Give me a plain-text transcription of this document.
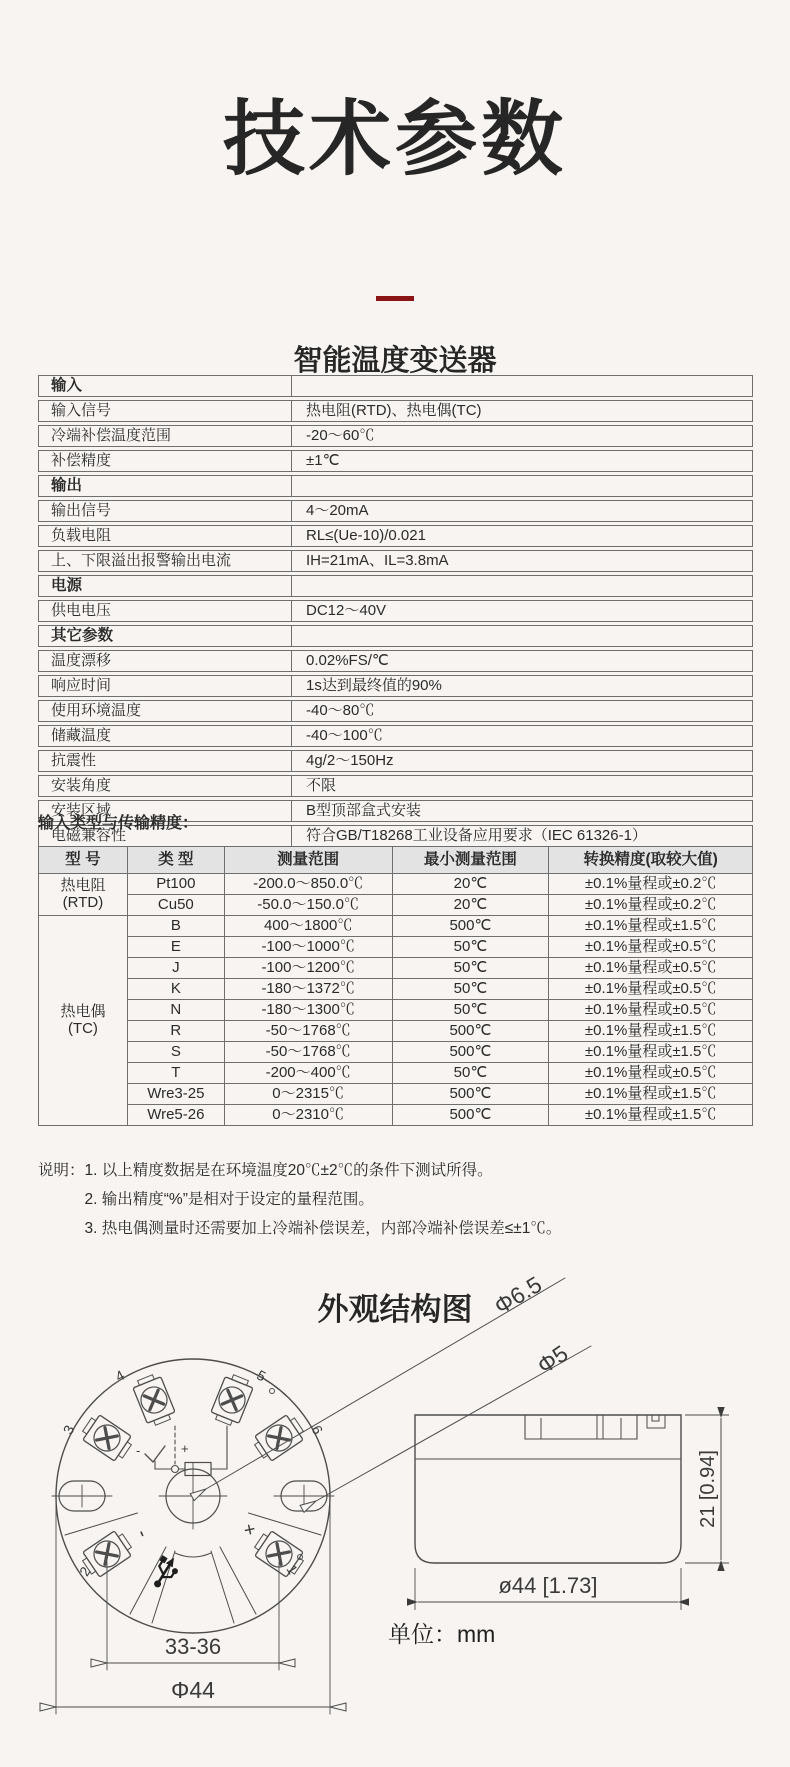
技术参数
智能温度变送器
输入	
输入信号	热电阻(RTD)、热电偶(TC)
冷端补偿温度范围	-20～60℃
补偿精度	±1℃
输出	
输出信号	4～20mA
负载电阻	RL≤(Ue-10)/0.021
上、下限溢出报警输出电流	IH=21mA、IL=3.8mA
电源	
供电电压	DC12～40V
其它参数	
温度漂移	0.02%FS/℃
响应时间	1s达到最终值的90%
使用环境温度	-40～80℃
储藏温度	-40～100℃
抗震性	4g/2～150Hz
安装角度	不限
安装区域	B型顶部盒式安装
电磁兼容性	符合GB/T18268工业设备应用要求（IEC 61326-1）
输入类型与传输精度：
型 号	类 型	测量范围	最小测量范围	转换精度(取较大值)

热电阻
(RTD)	Pt100	-200.0～850.0℃	20℃	±0.1%量程或±0.2℃
	Cu50	-50.0～150.0℃	20℃	±0.1%量程或±0.2℃

热电偶
(TC)	B	400～1800℃	500℃	±0.1%量程或±1.5℃
	E	-100～1000℃	50℃	±0.1%量程或±0.5℃
	J	-100～1200℃	50℃	±0.1%量程或±0.5℃
	K	-180～1372℃	50℃	±0.1%量程或±0.5℃
	N	-180～1300℃	50℃	±0.1%量程或±0.5℃
	R	-50～1768℃	500℃	±0.1%量程或±1.5℃
	S	-50～1768℃	500℃	±0.1%量程或±1.5℃
	T	-200～400℃	50℃	±0.1%量程或±0.5℃
	Wre3-25	0～2315℃	500℃	±0.1%量程或±1.5℃
	Wre5-26	0～2310℃	500℃	±0.1%量程或±1.5℃
说明： 1. 以上精度数据是在环境温度20℃±2℃的条件下测试所得。
2. 输出精度“%”是相对于设定的量程范围。
3. 热电偶测量时还需要加上冷端补偿误差，内部冷端补偿误差≤±1℃。
外观结构图
-	+
3
4	5
6
2	1
-	+
Φ6.5
Φ5
33-36
Φ44
21 [0.94]
ø44 [1.73]
单位：mm
